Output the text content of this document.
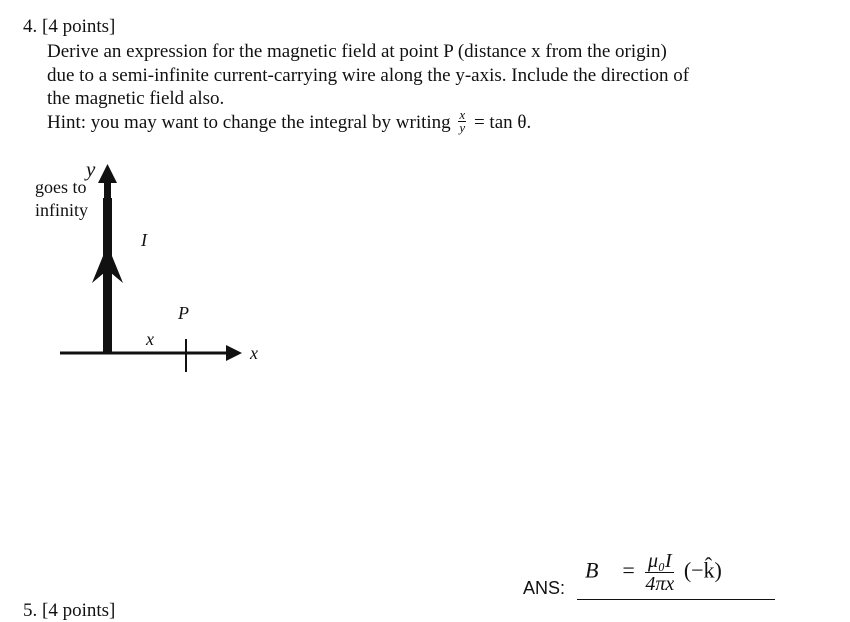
4. [4 points]

Derive an expression for the magnetic field at point P (distance x from the origin)

due to a semi-infinite current-carrying wire along the y-axis. Include the direction of

the magnetic field also.

Hint: you may want to change the integral by writing $\frac{x}{y} = \tan \theta$.

y
goes to
infinity
I
P
x
x
B⃗ = $\frac{\text{μ₀I}}{4\pi x}$ (−k̂)
ANS:
5. [4 points]
